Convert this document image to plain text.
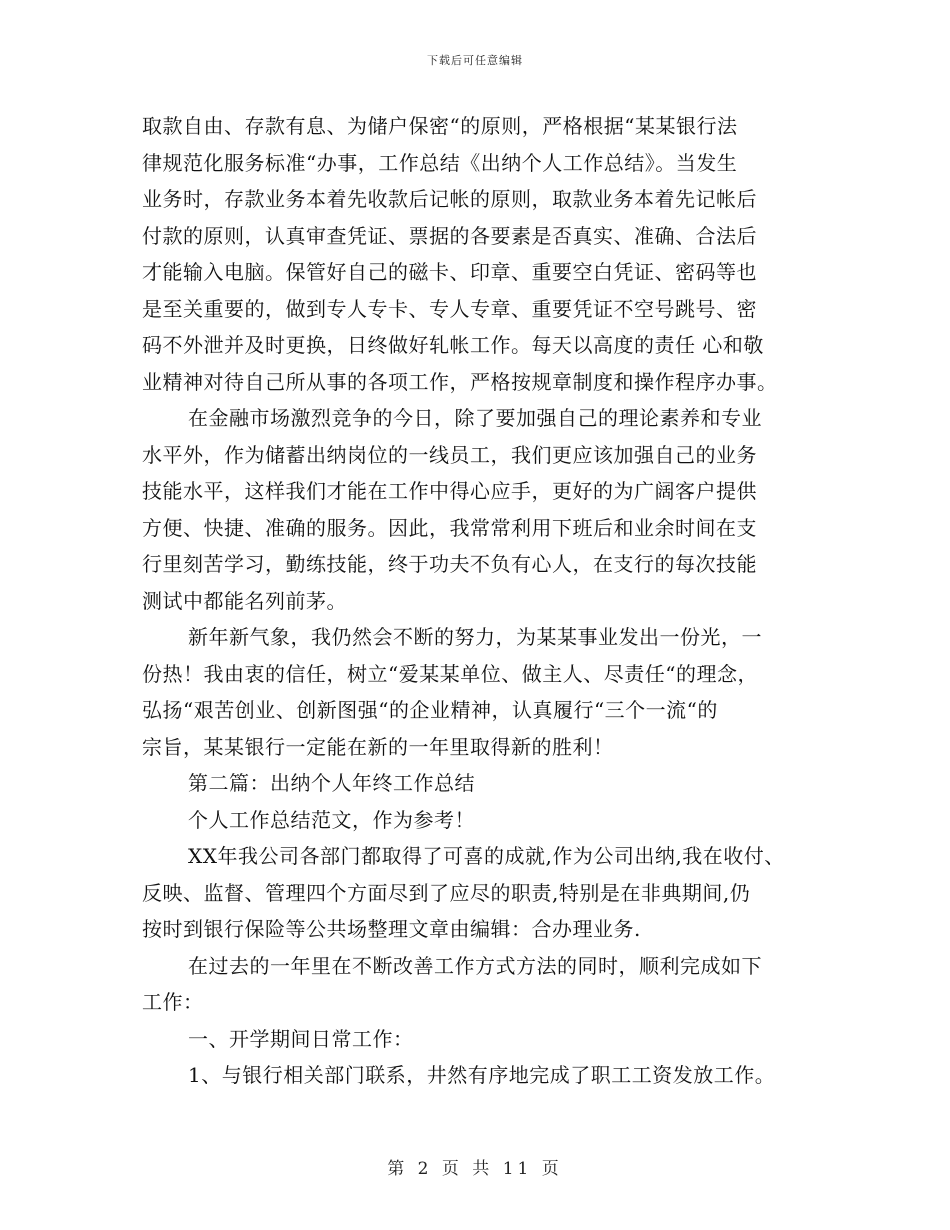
下载后可任意编辑
取款自由、存款有息、为储户保密“的原则，严格根据“某某银行法
律规范化服务标准“办事，工作总结《出纳个人工作总结》。当发生
业务时，存款业务本着先收款后记帐的原则，取款业务本着先记帐后
付款的原则，认真审查凭证、票据的各要素是否真实、准确、合法后
才能输入电脑。保管好自己的磁卡、印章、重要空白凭证、密码等也
是至关重要的，做到专人专卡、专人专章、重要凭证不空号跳号、密
码不外泄并及时更换，日终做好轧帐工作。每天以高度的责任 心和敬
业精神对待自己所从事的各项工作，严格按规章制度和操作程序办事。
在金融市场激烈竞争的今日，除了要加强自己的理论素养和专业
水平外，作为储蓄出纳岗位的一线员工，我们更应该加强自己的业务
技能水平，这样我们才能在工作中得心应手，更好的为广阔客户提供
方便、快捷、准确的服务。因此，我常常利用下班后和业余时间在支
行里刻苦学习，勤练技能，终于功夫不负有心人，在支行的每次技能
测试中都能名列前茅。
新年新气象，我仍然会不断的努力，为某某事业发出一份光，一
份热！我由衷的信任，树立“爱某某单位、做主人、尽责任“的理念，
弘扬“艰苦创业、创新图强“的企业精神，认真履行“三个一流“的
宗旨，某某银行一定能在新的一年里取得新的胜利！
第二篇：出纳个人年终工作总结
个人工作总结范文，作为参考！
XX年我公司各部门都取得了可喜的成就,作为公司出纳,我在收付、
反映、监督、管理四个方面尽到了应尽的职责,特别是在非典期间,仍
按时到银行保险等公共场整理文章由编辑：合办理业务.
在过去的一年里在不断改善工作方式方法的同时，顺利完成如下
工作：
一、开学期间日常工作：
1、与银行相关部门联系，井然有序地完成了职工工资发放工作。
第 2 页 共 11 页
